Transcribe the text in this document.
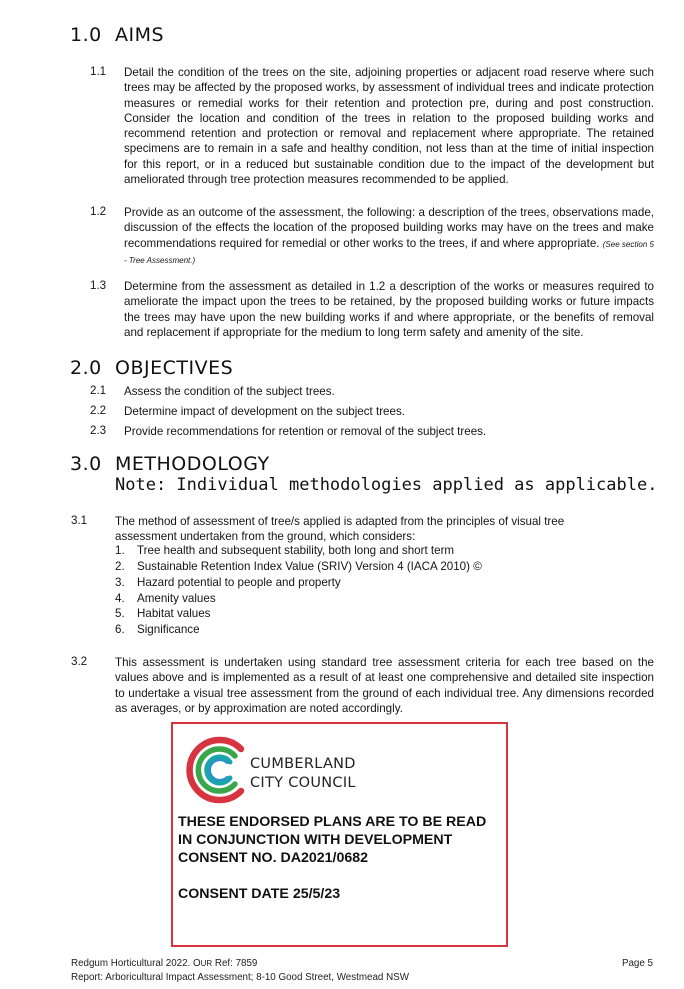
1.0 AIMS
1.1 Detail the condition of the trees on the site, adjoining properties or adjacent road reserve where such trees may be affected by the proposed works, by assessment of individual trees and indicate protection measures or remedial works for their retention and protection pre, during and post construction. Consider the location and condition of the trees in relation to the proposed building works and recommend retention and protection or removal and replacement where appropriate. The retained specimens are to remain in a safe and healthy condition, not less than at the time of initial inspection for this report, or in a reduced but sustainable condition due to the impact of the development but ameliorated through tree protection measures recommended to be applied.
1.2 Provide as an outcome of the assessment, the following: a description of the trees, observations made, discussion of the effects the location of the proposed building works may have on the trees and make recommendations required for remedial or other works to the trees, if and where appropriate. (See section 5 - Tree Assessment.)
1.3 Determine from the assessment as detailed in 1.2 a description of the works or measures required to ameliorate the impact upon the trees to be retained, by the proposed building works or future impacts the trees may have upon the new building works if and where appropriate, or the benefits of removal and replacement if appropriate for the medium to long term safety and amenity of the site.
2.0 OBJECTIVES
2.1 Assess the condition of the subject trees.
2.2 Determine impact of development on the subject trees.
2.3 Provide recommendations for retention or removal of the subject trees.
3.0 METHODOLOGY
Note: Individual methodologies applied as applicable.
3.1 The method of assessment of tree/s applied is adapted from the principles of visual tree assessment undertaken from the ground, which considers:
1. Tree health and subsequent stability, both long and short term
2. Sustainable Retention Index Value (SRIV) Version 4 (IACA 2010) ©
3. Hazard potential to people and property
4. Amenity values
5. Habitat values
6. Significance
3.2 This assessment is undertaken using standard tree assessment criteria for each tree based on the values above and is implemented as a result of at least one comprehensive and detailed site inspection to undertake a visual tree assessment from the ground of each individual tree. Any dimensions recorded as averages, or by approximation are noted accordingly.
CUMBERLAND
CITY COUNCIL
THESE ENDORSED PLANS ARE TO BE READ
IN CONJUNCTION WITH DEVELOPMENT
CONSENT NO. DA2021/0682
CONSENT DATE 25/5/23
Redgum Horticultural 2022. OUR Ref: 7859
Report: Arboricultural Impact Assessment; 8-10 Good Street, Westmead NSW
Page 5
